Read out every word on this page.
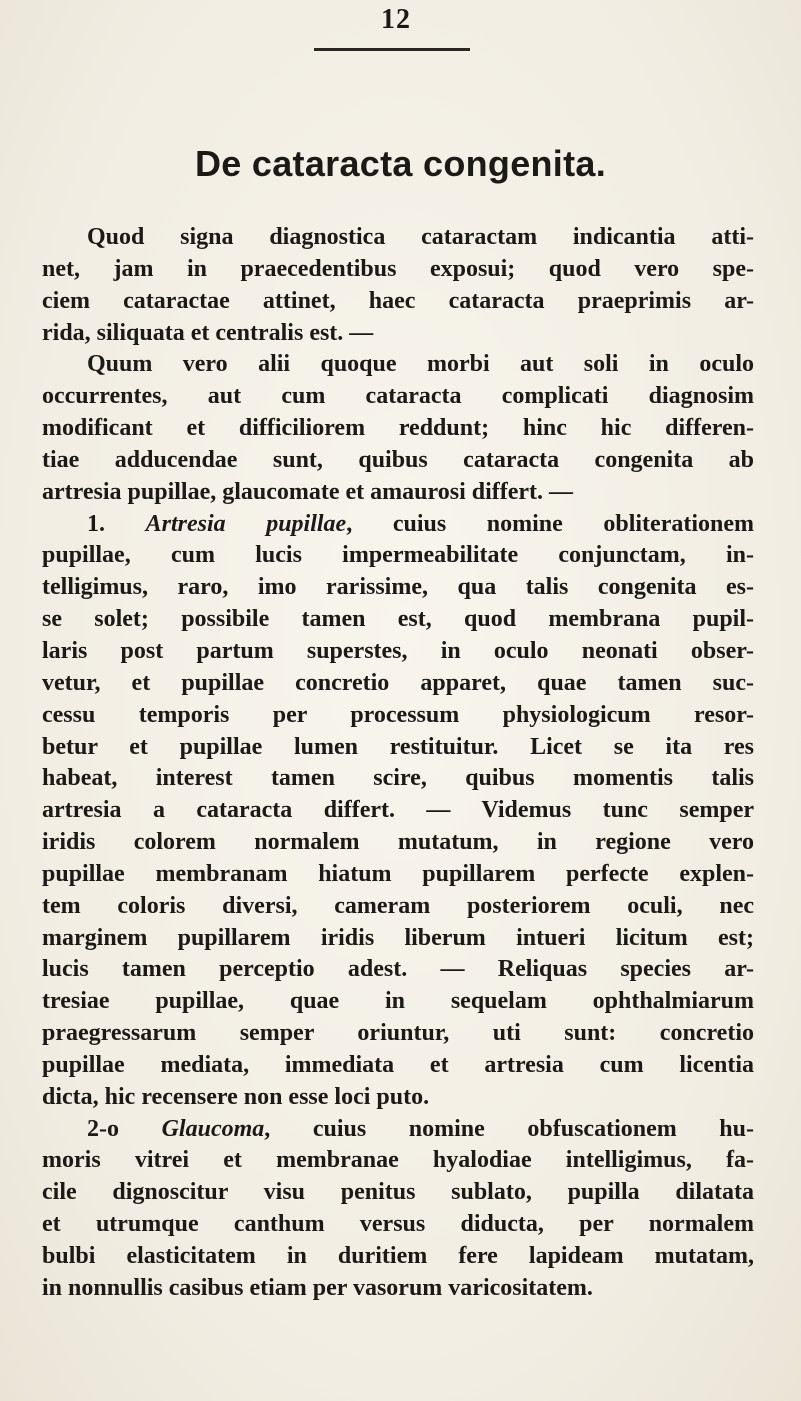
12
De cataracta congenita.
Quod signa diagnostica cataractam indicantia atti-
net, jam in praecedentibus exposui; quod vero spe-
ciem cataractae attinet, haec cataracta praeprimis ar-
rida, siliquata et centralis est. —
Quum vero alii quoque morbi aut soli in oculo
occurrentes, aut cum cataracta complicati diagnosim
modificant et difficiliorem reddunt; hinc hic differen-
tiae adducendae sunt, quibus cataracta congenita ab
artresia pupillae, glaucomate et amaurosi differt. —
1. Artresia pupillae, cuius nomine obliterationem
pupillae, cum lucis impermeabilitate conjunctam, in-
telligimus, raro, imo rarissime, qua talis congenita es-
se solet; possibile tamen est, quod membrana pupil-
laris post partum superstes, in oculo neonati obser-
vetur, et pupillae concretio apparet, quae tamen suc-
cessu temporis per processum physiologicum resor-
betur et pupillae lumen restituitur. Licet se ita res
habeat, interest tamen scire, quibus momentis talis
artresia a cataracta differt. — Videmus tunc semper
iridis colorem normalem mutatum, in regione vero
pupillae membranam hiatum pupillarem perfecte explen-
tem coloris diversi, cameram posteriorem oculi, nec
marginem pupillarem iridis liberum intueri licitum est;
lucis tamen perceptio adest. — Reliquas species ar-
tresiae pupillae, quae in sequelam ophthalmiarum
praegressarum semper oriuntur, uti sunt: concretio
pupillae mediata, immediata et artresia cum licentia
dicta, hic recensere non esse loci puto.
2-o Glaucoma, cuius nomine obfuscationem hu-
moris vitrei et membranae hyalodiae intelligimus, fa-
cile dignoscitur visu penitus sublato, pupilla dilatata
et utrumque canthum versus diducta, per normalem
bulbi elasticitatem in duritiem fere lapideam mutatam,
in nonnullis casibus etiam per vasorum varicositatem.
